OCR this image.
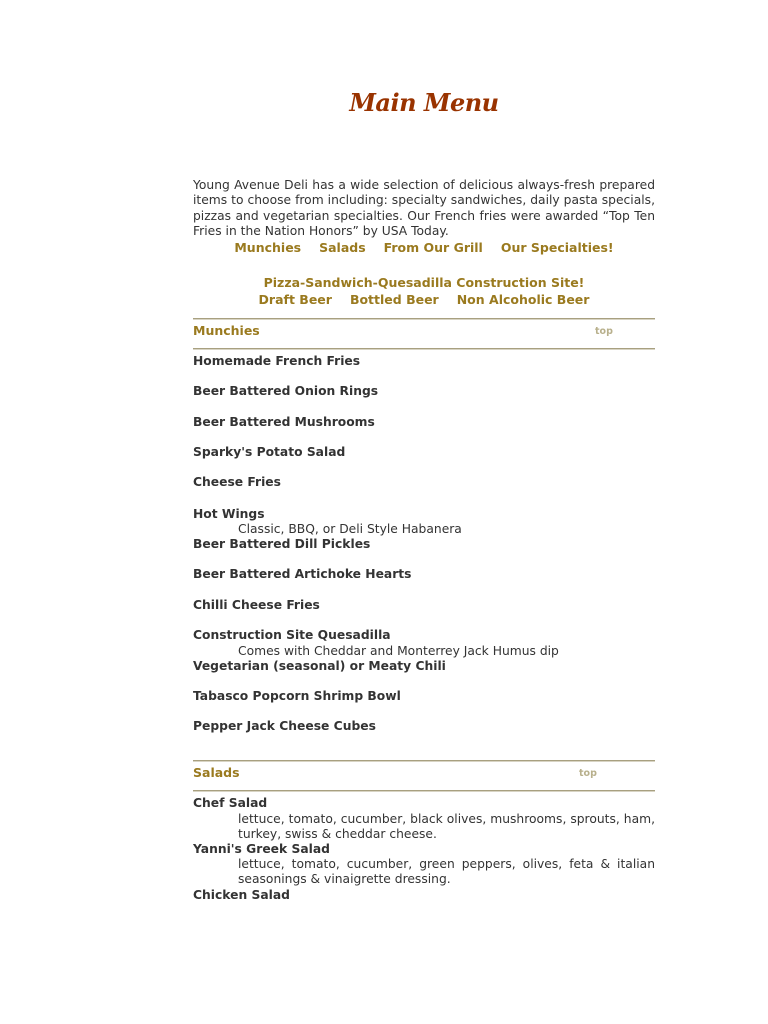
Main Menu

Young Avenue Deli has a wide selection of delicious always-fresh prepared items to choose from including: specialty sandwiches, daily pasta specials, pizzas and vegetarian specialties. Our French fries were awarded “Top Ten Fries in the Nation Honors” by USA Today.

Munchies Salads From Our Grill Our Specialties!
Pizza-Sandwich-Quesadilla Construction Site!
Draft Beer Bottled Beer Non Alcoholic Beer
Munchies	top
Homemade French Fries
Beer Battered Onion Rings
Beer Battered Mushrooms
Sparky's Potato Salad
Cheese Fries
Hot Wings
Classic, BBQ, or Deli Style Habanera
Beer Battered Dill Pickles
Beer Battered Artichoke Hearts
Chilli Cheese Fries
Construction Site Quesadilla
Comes with Cheddar and Monterrey Jack Humus dip
Vegetarian (seasonal) or Meaty Chili
Tabasco Popcorn Shrimp Bowl
Pepper Jack Cheese Cubes
Salads	top
Chef Salad
lettuce, tomato, cucumber, black olives, mushrooms, sprouts, ham, turkey, swiss & cheddar cheese.
Yanni's Greek Salad
lettuce, tomato, cucumber, green peppers, olives, feta & italian seasonings & vinaigrette dressing.
Chicken Salad
